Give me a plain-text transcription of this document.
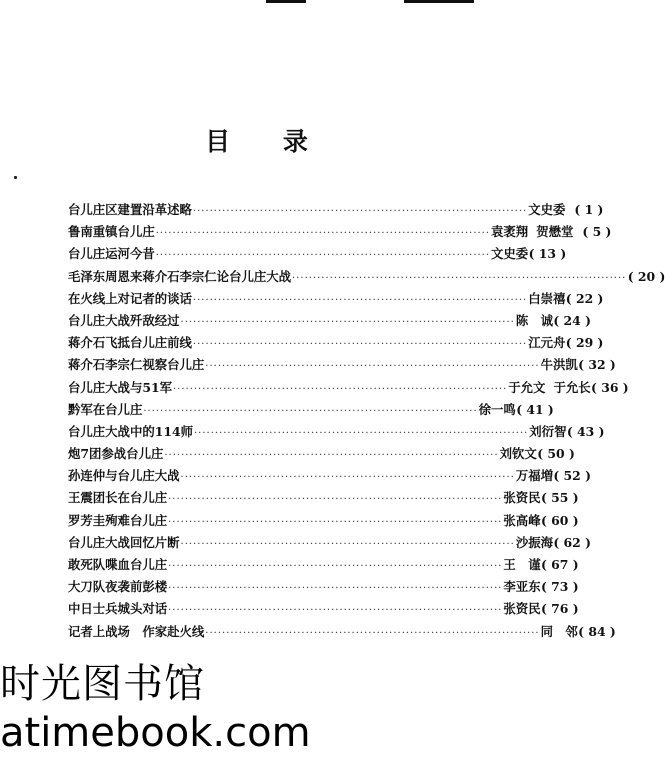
目 录
台儿庄区建置沿革述略 ················································································ 文史委 ( 1 )
鲁南重镇台儿庄 ················································································ 袁袤翔 贺懋堂 ( 5 )
台儿庄运河今昔 ················································································ 文史委 ( 13 )
毛泽东周恩来蒋介石李宗仁论台儿庄大战 ················································································ ( 20 )
在火线上对记者的谈话 ················································································ 白崇禧 ( 22 )
台儿庄大战歼敌经过 ················································································ 陈　诚 ( 24 )
蒋介石飞抵台儿庄前线 ················································································ 江元舟 ( 29 )
蒋介石李宗仁视察台儿庄 ················································································ 牛洪凯 ( 32 )
台儿庄大战与51军 ················································································ 于允文 于允长 ( 36 )
黔军在台儿庄 ················································································ 徐一鸣 ( 41 )
台儿庄大战中的114师 ················································································ 刘衍智 ( 43 )
炮7团参战台儿庄 ················································································ 刘钦文 ( 50 )
孙连仲与台儿庄大战 ················································································ 万福増 ( 52 )
王震团长在台儿庄 ················································································ 张资民 ( 55 )
罗芳圭殉难台儿庄 ················································································ 张高峰 ( 60 )
台儿庄大战回忆片断 ················································································ 沙振海 ( 62 )
敢死队喋血台儿庄 ················································································ 王　谨 ( 67 )
大刀队夜袭前彭楼 ················································································ 李亚东 ( 73 )
中日士兵城头对话 ················································································ 张资民 ( 76 )
记者上战场　作家赴火线 ················································································ 同　邻 ( 84 )
时光图书馆
atimebook.com
